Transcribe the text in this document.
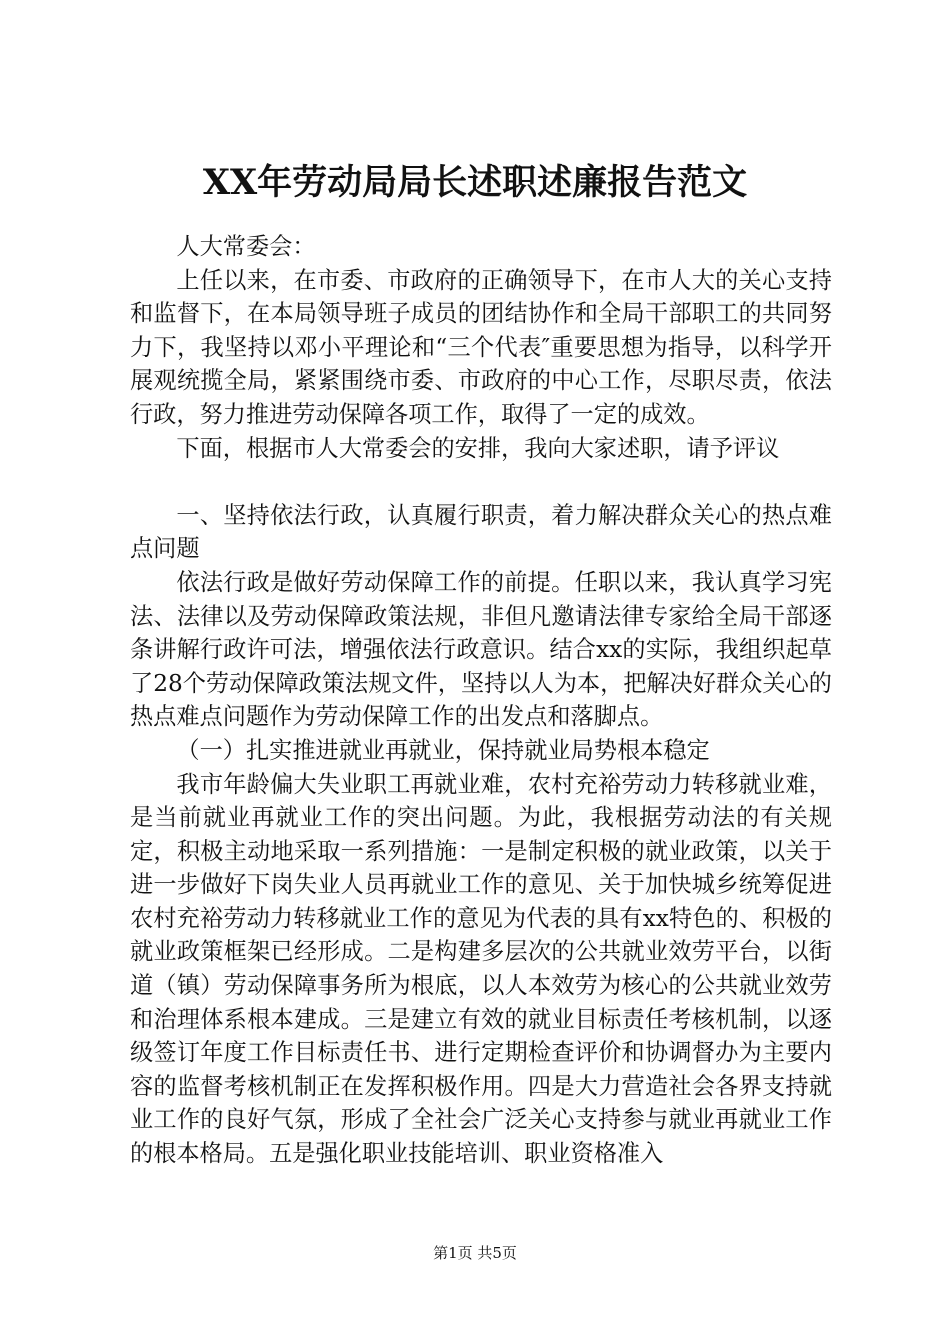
XX年劳动局局长述职述廉报告范文

人大常委会：

上任以来，在市委、市政府的正确领导下，在市人大的关心支持和监督下，在本局领导班子成员的团结协作和全局干部职工的共同努力下，我坚持以邓小平理论和“三个代表″重要思想为指导，以科学开展观统揽全局，紧紧围绕市委、市政府的中心工作，尽职尽责，依法行政，努力推进劳动保障各项工作，取得了一定的成效。

下面，根据市人大常委会的安排，我向大家述职，请予评议

一、坚持依法行政，认真履行职责，着力解决群众关心的热点难点问题

依法行政是做好劳动保障工作的前提。任职以来，我认真学习宪法、法律以及劳动保障政策法规，非但凡邀请法律专家给全局干部逐条讲解行政许可法，增强依法行政意识。结合xx的实际，我组织起草了28个劳动保障政策法规文件，坚持以人为本，把解决好群众关心的热点难点问题作为劳动保障工作的出发点和落脚点。

（一）扎实推进就业再就业，保持就业局势根本稳定

我市年龄偏大失业职工再就业难，农村充裕劳动力转移就业难，是当前就业再就业工作的突出问题。为此，我根据劳动法的有关规定，积极主动地采取一系列措施：一是制定积极的就业政策，以关于进一步做好下岗失业人员再就业工作的意见、关于加快城乡统筹促进农村充裕劳动力转移就业工作的意见为代表的具有xx特色的、积极的就业政策框架已经形成。二是构建多层次的公共就业效劳平台，以街道（镇）劳动保障事务所为根底，以人本效劳为核心的公共就业效劳和治理体系根本建成。三是建立有效的就业目标责任考核机制，以逐级签订年度工作目标责任书、进行定期检查评价和协调督办为主要内容的监督考核机制正在发挥积极作用。四是大力营造社会各界支持就业工作的良好气氛，形成了全社会广泛关心支持参与就业再就业工作的根本格局。五是强化职业技能培训、职业资格准入

第1页 共5页
